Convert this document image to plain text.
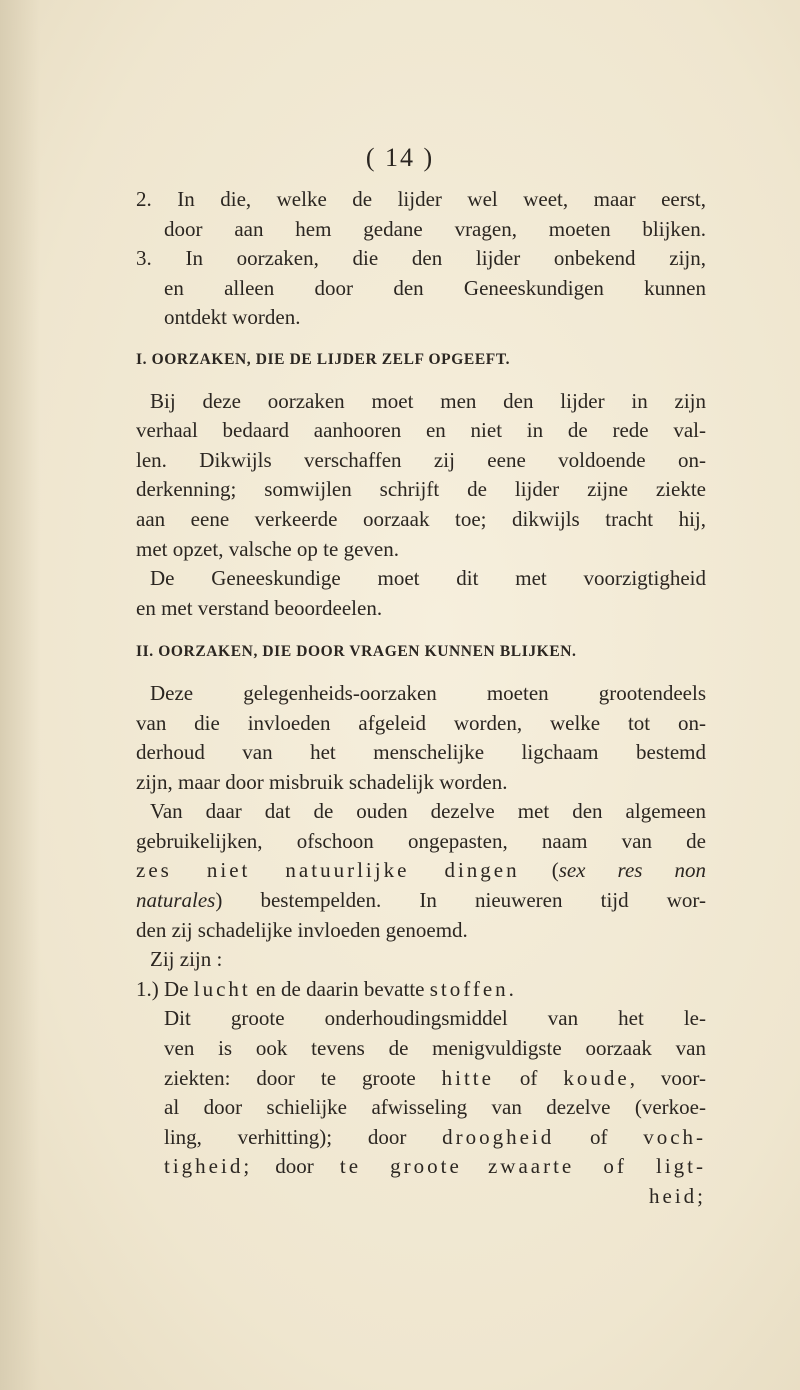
( 14 )
2. In die, welke de lijder wel weet, maar eerst,
door aan hem gedane vragen, moeten blijken.
3. In oorzaken, die den lijder onbekend zijn,
en alleen door den Geneeskundigen kunnen
ontdekt worden.
I. OORZAKEN, DIE DE LIJDER ZELF OPGEEFT.
Bij deze oorzaken moet men den lijder in zijn
verhaal bedaard aanhooren en niet in de rede val-
len. Dikwijls verschaffen zij eene voldoende on-
derkenning; somwijlen schrijft de lijder zijne ziekte
aan eene verkeerde oorzaak toe; dikwijls tracht hij,
met opzet, valsche op te geven.
De Geneeskundige moet dit met voorzigtigheid
en met verstand beoordeelen.
II. OORZAKEN, DIE DOOR VRAGEN KUNNEN BLIJKEN.
Deze gelegenheids-oorzaken moeten grootendeels
van die invloeden afgeleid worden, welke tot on-
derhoud van het menschelijke ligchaam bestemd
zijn, maar door misbruik schadelijk worden.
Van daar dat de ouden dezelve met den algemeen
gebruikelijken, ofschoon ongepasten, naam van de
zes niet natuurlijke dingen (sex res non
naturales) bestempelden. In nieuweren tijd wor-
den zij schadelijke invloeden genoemd.
Zij zijn :
1.) De lucht en de daarin bevatte stoffen.
Dit groote onderhoudingsmiddel van het le-
ven is ook tevens de menigvuldigste oorzaak van
ziekten: door te groote hitte of koude, voor-
al door schielijke afwisseling van dezelve (verkoe-
ling, verhitting); door droogheid of voch-
tigheid; door te groote zwaarte of ligt-
heid;
